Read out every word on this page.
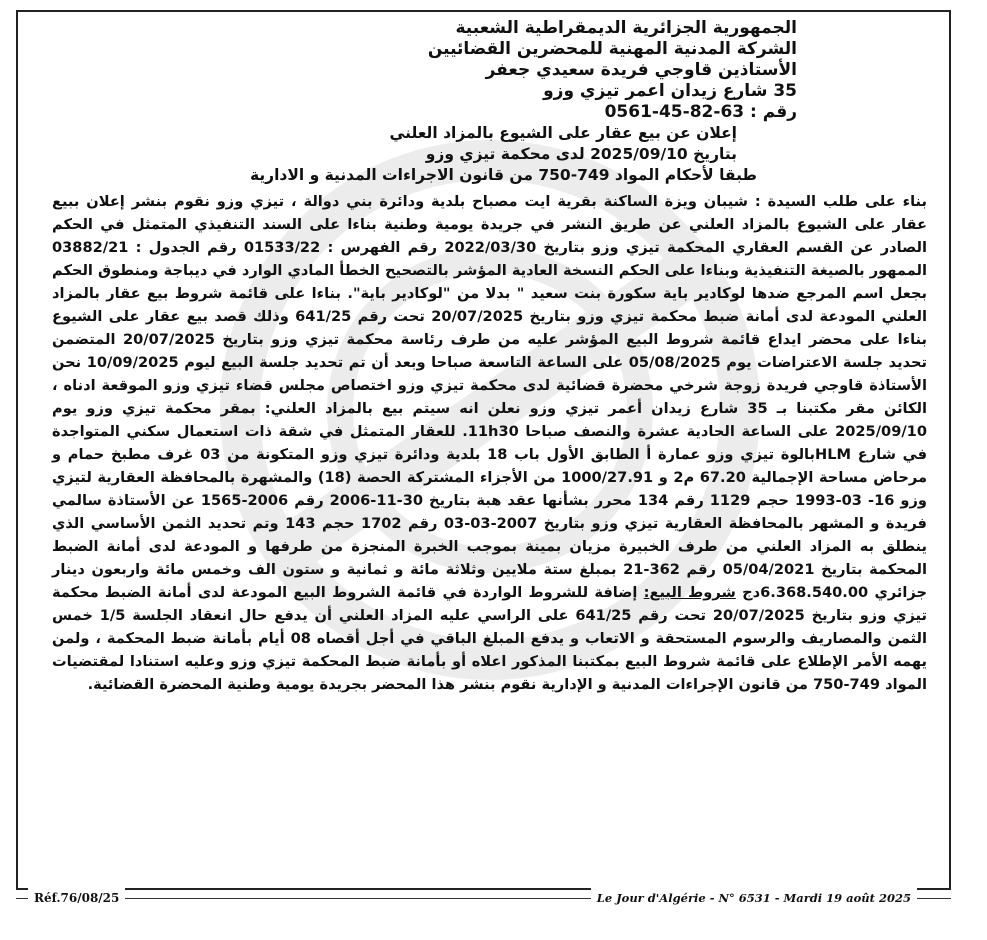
الجمهورية الجزائرية الديمقراطية الشعبية
الشركة المدنية المهنية للمحضرين القضائيين
الأستاذين قاوجي فريدة سعيدي جعفر
35 شارع زيدان اعمر تيزي وزو
رقم : 63-82-45-0561
إعلان عن بيع عقار على الشيوع بالمزاد العلني
بتاريخ 2025/09/10 لدى محكمة تيزي وزو
طبقا لأحكام المواد 749-750 من قانون الاجراءات المدنية و الادارية
بناء على طلب السيدة : شيبان ويزة الساكنة بقرية ايت مصباح بلدية ودائرة بني دوالة ، تيزي وزو نقوم بنشر إعلان ببيع عقار على الشيوع بالمزاد العلني عن طريق النشر في جريدة يومية وطنية بناءا على السند التنفيذي المتمثل في الحكم الصادر عن القسم العقاري المحكمة تيزي وزو بتاريخ 2022/03/30 رقم الفهرس : 01533/22 رقم الجدول : 03882/21 الممهور بالصيغة التنفيذية وبناءا على الحكم النسخة العادية المؤشر بالتصحيح الخطأ المادي الوارد في ديباجة ومنطوق الحكم بجعل اسم المرجع ضدها لوكادير باية سكورة بنت سعيد " بدلا من "لوكادير باية". بناءا على قائمة شروط بيع عقار بالمزاد العلني المودعة لدى أمانة ضبط محكمة تيزي وزو بتاريخ 20/07/2025 تحت رقم 641/25 وذلك قصد بيع عقار على الشيوع بناءا على محضر ايداع قائمة شروط البيع المؤشر عليه من طرف رئاسة محكمة تيزي وزو بتاريخ 20/07/2025 المتضمن تحديد جلسة الاعتراضات يوم 05/08/2025 على الساعة التاسعة صباحا وبعد أن تم تحديد جلسة البيع ليوم 10/09/2025 نحن الأستاذة قاوجي فريدة زوجة شرخي محضرة قضائية لدى محكمة تيزي وزو اختصاص مجلس قضاء تيزي وزو الموقعة ادناه ، الكائن مقر مكتبنا بـ 35 شارع زيدان أعمر تيزي وزو نعلن انه سيتم بيع بالمزاد العلني: بمقر محكمة تيزي وزو يوم 2025/09/10 على الساعة الحادية عشرة والنصف صباحا 11h30. للعقار المتمثل في شقة ذات استعمال سكني المتواجدة في شارع HLMبالوة تيزي وزو عمارة أ الطابق الأول باب 18 بلدية ودائرة تيزي وزو المتكونة من 03 غرف مطبخ حمام و مرحاض مساحة الإجمالية 67.20 م2 و 1000/27.91 من الأجزاء المشتركة الحصة (18) والمشهرة بالمحافظة العقارية لتيزي وزو 16- 03-1993 حجم 1129 رقم 134 محرر بشأنها عقد هبة بتاريخ 30-11-2006 رقم 2006-1565 عن الأستاذة سالمي فريدة و المشهر بالمحافظة العقارية تيزي وزو بتاريخ 2007-03-03 رقم 1702 حجم 143 وتم تحديد الثمن الأساسي الذي ينطلق به المزاد العلني من طرف الخبيرة مزيان بمينة بموجب الخبرة المنجزة من طرفها و المودعة لدى أمانة الضبط المحكمة بتاريخ 05/04/2021 رقم 362-21 بمبلغ ستة ملايين وثلاثة مائة و ثمانية و ستون الف وخمس مائة واربعون دينار جزائري 6.368.540.00دج شروط البيع: إضافة للشروط الواردة في قائمة الشروط البيع المودعة لدى أمانة الضبط محكمة تيزي وزو بتاريخ 20/07/2025 تحت رقم 641/25 على الراسي عليه المزاد العلني أن يدفع حال انعقاد الجلسة 1/5 خمس الثمن والمصاريف والرسوم المستحقة و الاتعاب و يدفع المبلغ الباقي في أجل أقصاه 08 أيام بأمانة ضبط المحكمة ، ولمن يهمه الأمر الإطلاع على قائمة شروط البيع بمكتبنا المذكور اعلاه أو بأمانة ضبط المحكمة تيزي وزو وعليه استنادا لمقتضيات المواد 749-750 من قانون الإجراءات المدنية و الإدارية نقوم بنشر هذا المحضر بجريدة يومية وطنية المحضرة القضائية.
Réf.76/08/25	Le Jour d'Algérie - N° 6531 - Mardi 19 août 2025
